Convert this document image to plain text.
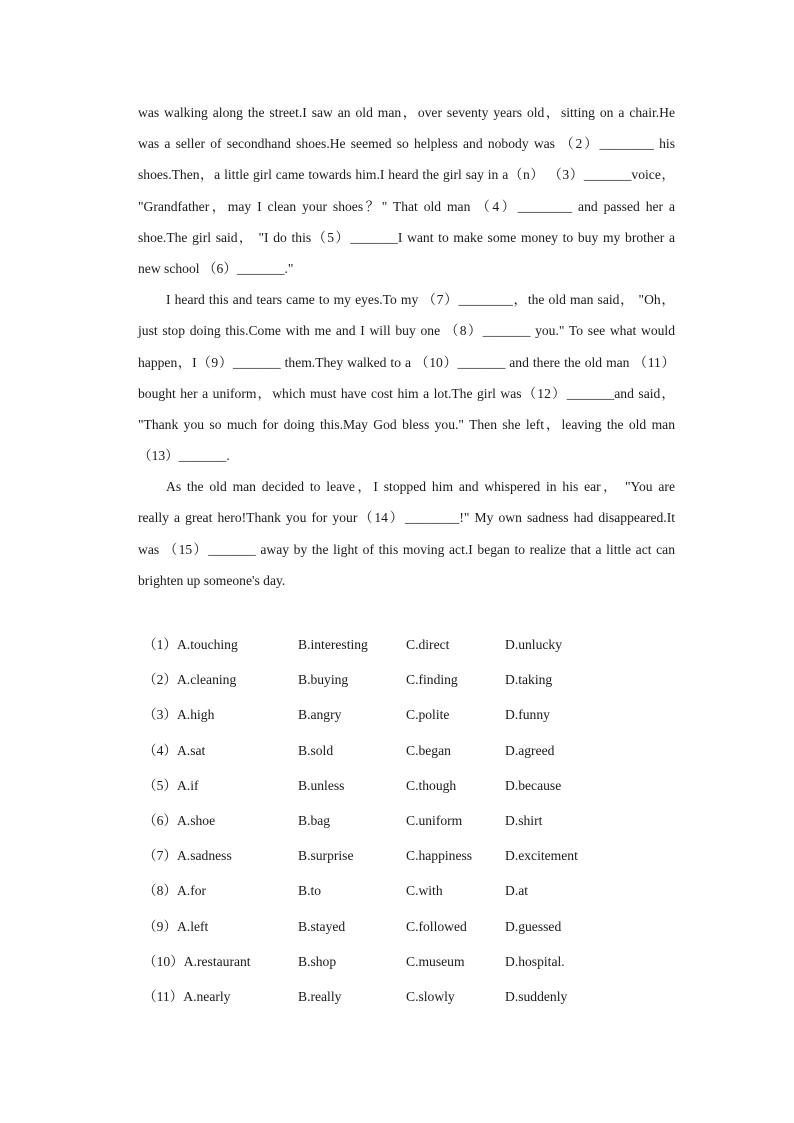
was walking along the street.I saw an old man，over seventy years old，sitting on a chair.He
was a seller of secondhand shoes.He seemed so helpless and nobody was （2）________ his
shoes.Then，a little girl came towards him.I heard the girl say in a（n） （3）_______voice，
"Grandfather，may I clean your shoes？" That old man （4）________ and passed her a
shoe.The girl said， "I do this（5）_______I want to make some money to buy my brother a
new school （6）_______."
I heard this and tears came to my eyes.To my （7）________，the old man said， "Oh，
just stop doing this.Come with me and I will buy one （8）_______ you." To see what would
happen，I（9）_______ them.They walked to a （10）_______ and there the old man （11）
bought her a uniform，which must have cost him a lot.The girl was（12）_______and said，
"Thank you so much for doing this.May God bless you." Then she left，leaving the old man
（13）_______.
As the old man decided to leave，I stopped him and whispered in his ear， "You are
really a great hero!Thank you for your（14）________!" My own sadness had disappeared.It
was （15）_______ away by the light of this moving act.I began to realize that a little act can
brighten up someone's day.
（1）A.touching	B.interesting	C.direct	D.unlucky
（2）A.cleaning	B.buying	C.finding	D.taking
（3）A.high	B.angry	C.polite	D.funny
（4）A.sat	B.sold	C.began	D.agreed
（5）A.if	B.unless	C.though	D.because
（6）A.shoe	B.bag	C.uniform	D.shirt
（7）A.sadness	B.surprise	C.happiness D.excitement
（8）A.for	B.to	C.with	D.at
（9）A.left	B.stayed	C.followed	D.guessed
（10）A.restaurant	B.shop	C.museum	D.hospital.
（11）A.nearly	B.really	C.slowly	D.suddenly
